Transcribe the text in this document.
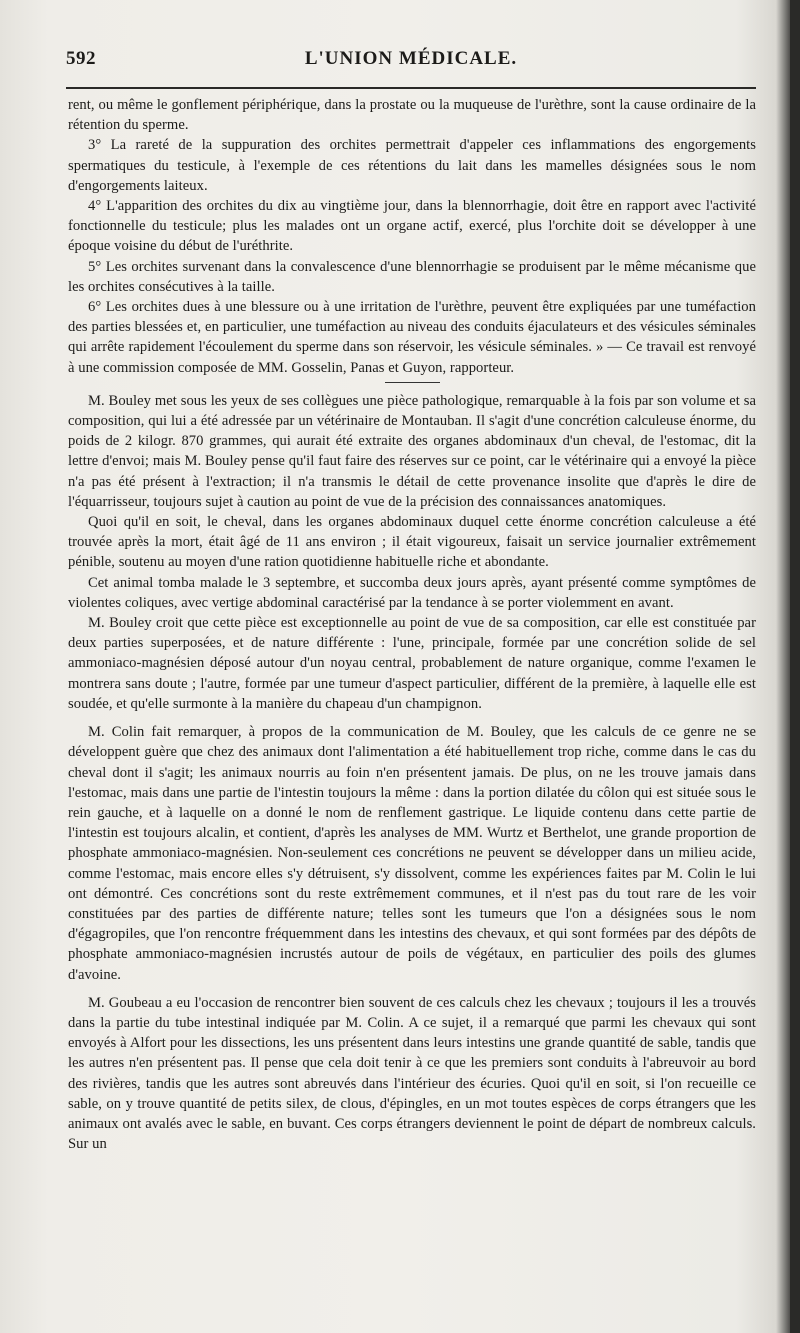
592	L'UNION MÉDICALE.

rent, ou même le gonflement périphérique, dans la prostate ou la muqueuse de l'urèthre, sont la cause ordinaire de la rétention du sperme.

3° La rareté de la suppuration des orchites permettrait d'appeler ces inflammations des engorgements spermatiques du testicule, à l'exemple de ces rétentions du lait dans les mamelles désignées sous le nom d'engorgements laiteux.

4° L'apparition des orchites du dix au vingtième jour, dans la blennorrhagie, doit être en rapport avec l'activité fonctionnelle du testicule; plus les malades ont un organe actif, exercé, plus l'orchite doit se développer à une époque voisine du début de l'uréthrite.

5° Les orchites survenant dans la convalescence d'une blennorrhagie se produisent par le même mécanisme que les orchites consécutives à la taille.

6° Les orchites dues à une blessure ou à une irritation de l'urèthre, peuvent être expliquées par une tuméfaction des parties blessées et, en particulier, une tuméfaction au niveau des conduits éjaculateurs et des vésicules séminales qui arrête rapidement l'écoulement du sperme dans son réservoir, les vésicule séminales. » — Ce travail est renvoyé à une commission composée de MM. Gosselin, Panas et Guyon, rapporteur.

M. Bouley met sous les yeux de ses collègues une pièce pathologique, remarquable à la fois par son volume et sa composition, qui lui a été adressée par un vétérinaire de Montauban. Il s'agit d'une concrétion calculeuse énorme, du poids de 2 kilogr. 870 grammes, qui aurait été extraite des organes abdominaux d'un cheval, de l'estomac, dit la lettre d'envoi; mais M. Bouley pense qu'il faut faire des réserves sur ce point, car le vétérinaire qui a envoyé la pièce n'a pas été présent à l'extraction; il n'a transmis le détail de cette provenance insolite que d'après le dire de l'équarrisseur, toujours sujet à caution au point de vue de la précision des connaissances anatomiques.

Quoi qu'il en soit, le cheval, dans les organes abdominaux duquel cette énorme concrétion calculeuse a été trouvée après la mort, était âgé de 11 ans environ ; il était vigoureux, faisait un service journalier extrêmement pénible, soutenu au moyen d'une ration quotidienne habituelle riche et abondante.

Cet animal tomba malade le 3 septembre, et succomba deux jours après, ayant présenté comme symptômes de violentes coliques, avec vertige abdominal caractérisé par la tendance à se porter violemment en avant.

M. Bouley croit que cette pièce est exceptionnelle au point de vue de sa composition, car elle est constituée par deux parties superposées, et de nature différente : l'une, principale, formée par une concrétion solide de sel ammoniaco-magnésien déposé autour d'un noyau central, probablement de nature organique, comme l'examen le montrera sans doute ; l'autre, formée par une tumeur d'aspect particulier, différent de la première, à laquelle elle est soudée, et qu'elle surmonte à la manière du chapeau d'un champignon.

M. Colin fait remarquer, à propos de la communication de M. Bouley, que les calculs de ce genre ne se développent guère que chez des animaux dont l'alimentation a été habituellement trop riche, comme dans le cas du cheval dont il s'agit; les animaux nourris au foin n'en présentent jamais. De plus, on ne les trouve jamais dans l'estomac, mais dans une partie de l'intestin toujours la même : dans la portion dilatée du côlon qui est située sous le rein gauche, et à laquelle on a donné le nom de renflement gastrique. Le liquide contenu dans cette partie de l'intestin est toujours alcalin, et contient, d'après les analyses de MM. Wurtz et Berthelot, une grande proportion de phosphate ammoniaco-magnésien. Non-seulement ces concrétions ne peuvent se développer dans un milieu acide, comme l'estomac, mais encore elles s'y détruisent, s'y dissolvent, comme les expériences faites par M. Colin le lui ont démontré. Ces concrétions sont du reste extrêmement communes, et il n'est pas du tout rare de les voir constituées par des parties de différente nature; telles sont les tumeurs que l'on a désignées sous le nom d'égagropiles, que l'on rencontre fréquemment dans les intestins des chevaux, et qui sont formées par des dépôts de phosphate ammoniaco-magnésien incrustés autour de poils de végétaux, en particulier des poils des glumes d'avoine.

M. Goubeau a eu l'occasion de rencontrer bien souvent de ces calculs chez les chevaux ; toujours il les a trouvés dans la partie du tube intestinal indiquée par M. Colin. A ce sujet, il a remarqué que parmi les chevaux qui sont envoyés à Alfort pour les dissections, les uns présentent dans leurs intestins une grande quantité de sable, tandis que les autres n'en présentent pas. Il pense que cela doit tenir à ce que les premiers sont conduits à l'abreuvoir au bord des rivières, tandis que les autres sont abreuvés dans l'intérieur des écuries. Quoi qu'il en soit, si l'on recueille ce sable, on y trouve quantité de petits silex, de clous, d'épingles, en un mot toutes espèces de corps étrangers que les animaux ont avalés avec le sable, en buvant. Ces corps étrangers deviennent le point de départ de nombreux calculs. Sur un
